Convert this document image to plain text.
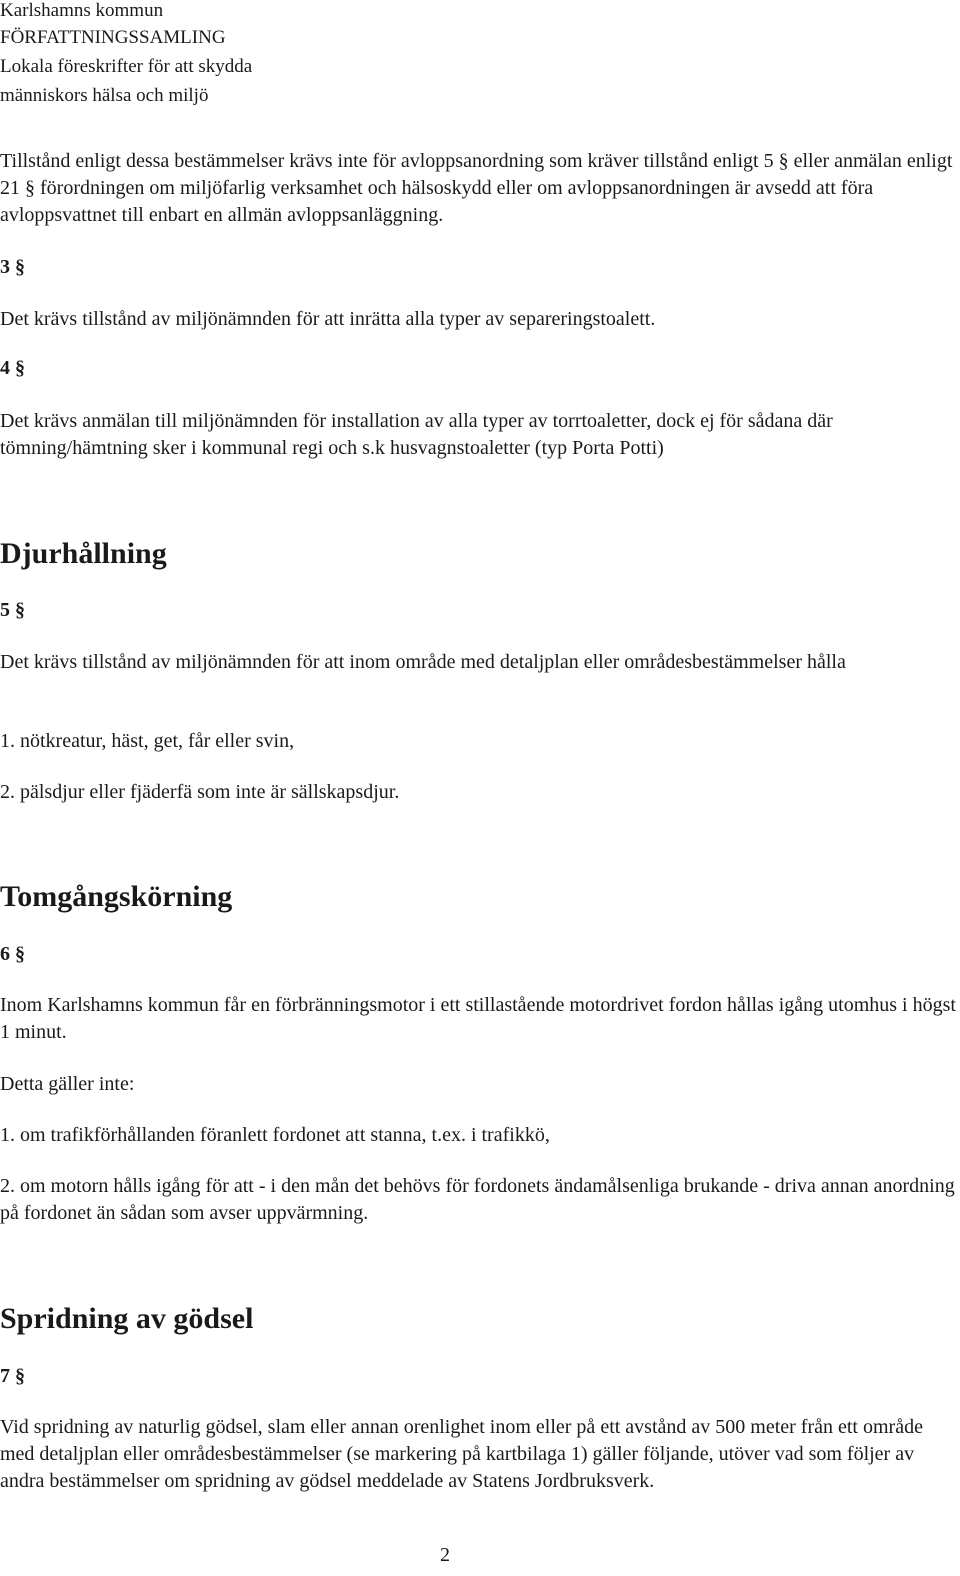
Karlshamns kommun
FÖRFATTNINGSSAMLING
Lokala föreskrifter för att skydda
människors hälsa och miljö
Tillstånd enligt dessa bestämmelser krävs inte för avloppsanordning som kräver tillstånd enligt 5 § eller anmälan enligt 21 § förordningen om miljöfarlig verksamhet och hälsoskydd eller om avloppsanordningen är avsedd att föra avloppsvattnet till enbart en allmän avloppsanläggning.
3 §
Det krävs tillstånd av miljönämnden för att inrätta alla typer av separeringstoalett.
4 §
Det krävs anmälan till miljönämnden för installation av alla typer av torrtoaletter, dock ej för sådana där tömning/hämtning sker i kommunal regi och s.k husvagnstoaletter (typ Porta Potti)
Djurhållning
5 §
Det krävs tillstånd av miljönämnden för att inom område med detaljplan eller områdesbestämmelser hålla
1. nötkreatur, häst, get, får eller svin,
2. pälsdjur eller fjäderfä som inte är sällskapsdjur.
Tomgångskörning
6 §
Inom Karlshamns kommun får en förbränningsmotor i ett stillastående motordrivet fordon hållas igång utomhus i högst 1 minut.
Detta gäller inte:
1. om trafikförhållanden föranlett fordonet att stanna, t.ex. i trafikkö,
2. om motorn hålls igång för att - i den mån det behövs för fordonets ändamålsenliga brukande - driva annan anordning på fordonet än sådan som avser uppvärmning.
Spridning av gödsel
7 §
Vid spridning av naturlig gödsel, slam eller annan orenlighet inom eller på ett avstånd av 500 meter från ett område med detaljplan eller områdesbestämmelser (se markering på kartbilaga 1) gäller följande, utöver vad som följer av andra bestämmelser om spridning av gödsel meddelade av Statens Jordbruksverk.
2
